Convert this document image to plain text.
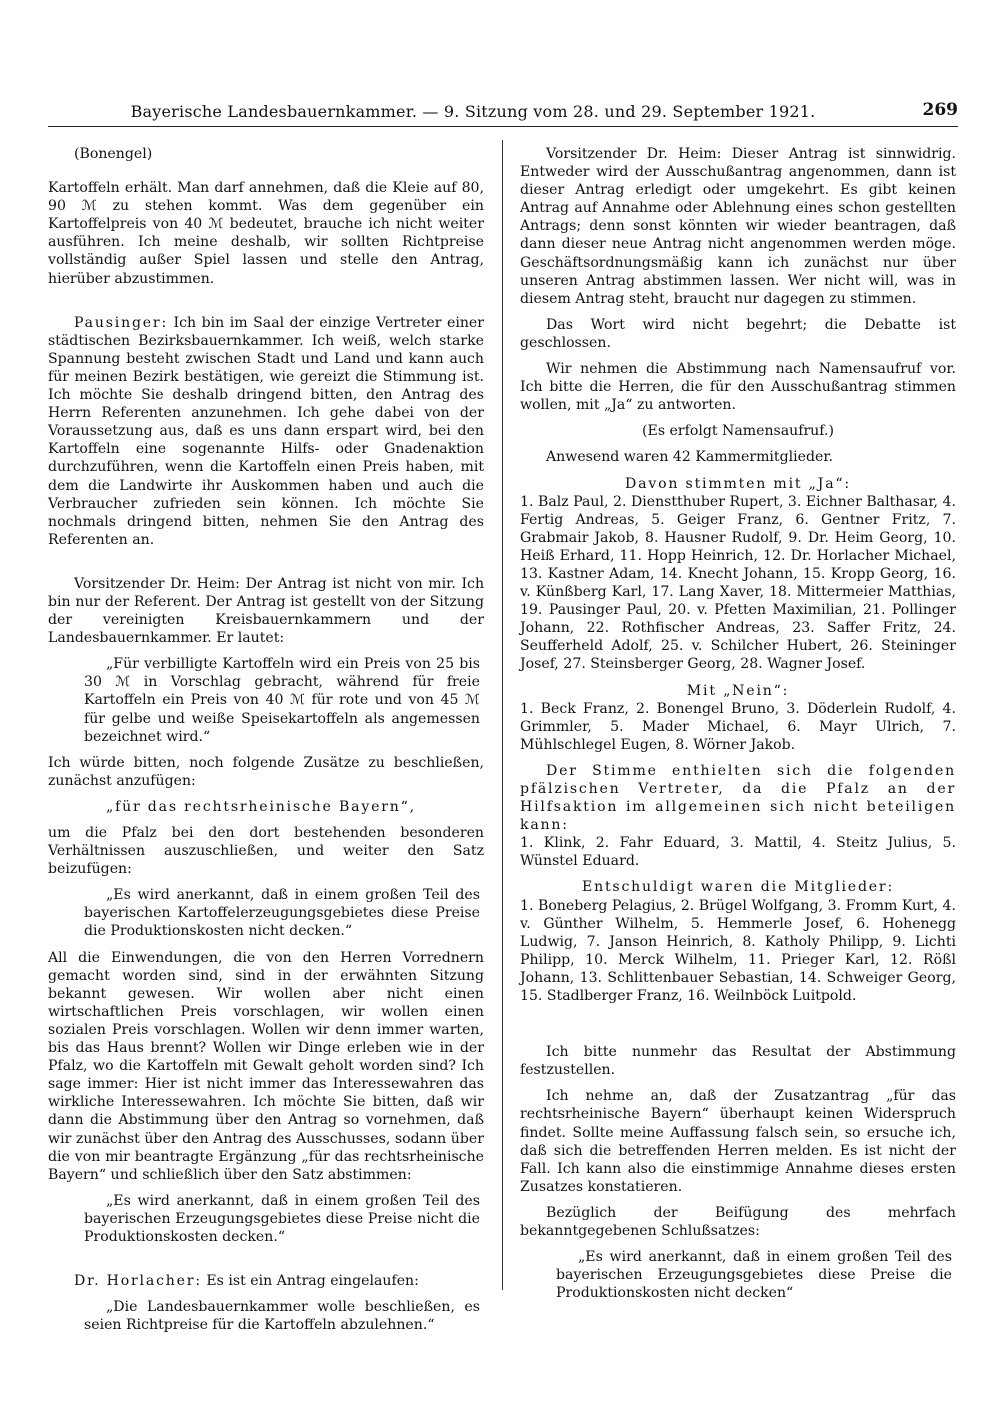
Bayerische Landesbauernkammer. — 9. Sitzung vom 28. und 29. September 1921.	269

(Bonengel)

Kartoffeln erhält. Man darf annehmen, daß die Kleie auf 80, 90 ℳ zu stehen kommt. Was dem gegenüber ein Kartoffelpreis von 40 ℳ bedeutet, brauche ich nicht weiter ausführen. Ich meine deshalb, wir sollten Richtpreise vollständig außer Spiel lassen und stelle den Antrag, hierüber abzustimmen.

Pausinger: Ich bin im Saal der einzige Vertreter einer städtischen Bezirksbauernkammer. Ich weiß, welch starke Spannung besteht zwischen Stadt und Land und kann auch für meinen Bezirk bestätigen, wie gereizt die Stimmung ist. Ich möchte Sie deshalb dringend bitten, den Antrag des Herrn Referenten anzunehmen. Ich gehe dabei von der Voraussetzung aus, daß es uns dann erspart wird, bei den Kartoffeln eine sogenannte Hilfs- oder Gnadenaktion durchzuführen, wenn die Kartoffeln einen Preis haben, mit dem die Landwirte ihr Auskommen haben und auch die Verbraucher zufrieden sein können. Ich möchte Sie nochmals dringend bitten, nehmen Sie den Antrag des Referenten an.

Vorsitzender Dr. Heim: Der Antrag ist nicht von mir. Ich bin nur der Referent. Der Antrag ist gestellt von der Sitzung der vereinigten Kreisbauernkammern und der Landesbauernkammer. Er lautet:

„Für verbilligte Kartoffeln wird ein Preis von 25 bis 30 ℳ in Vorschlag gebracht, während für freie Kartoffeln ein Preis von 40 ℳ für rote und von 45 ℳ für gelbe und weiße Speisekartoffeln als angemessen bezeichnet wird.“

Ich würde bitten, noch folgende Zusätze zu beschließen, zunächst anzufügen:

„für das rechtsrheinische Bayern“,

um die Pfalz bei den dort bestehenden besonderen Verhältnissen auszuschließen, und weiter den Satz beizufügen:

„Es wird anerkannt, daß in einem großen Teil des bayerischen Kartoffelerzeugungsgebietes diese Preise die Produktionskosten nicht decken.“

All die Einwendungen, die von den Herren Vorrednern gemacht worden sind, sind in der erwähnten Sitzung bekannt gewesen. Wir wollen aber nicht einen wirtschaftlichen Preis vorschlagen, wir wollen einen sozialen Preis vorschlagen. Wollen wir denn immer warten, bis das Haus brennt? Wollen wir Dinge erleben wie in der Pfalz, wo die Kartoffeln mit Gewalt geholt worden sind? Ich sage immer: Hier ist nicht immer das Interessewahren das wirkliche Interessewahren. Ich möchte Sie bitten, daß wir dann die Abstimmung über den Antrag so vornehmen, daß wir zunächst über den Antrag des Ausschusses, sodann über die von mir beantragte Ergänzung „für das rechtsrheinische Bayern“ und schließlich über den Satz abstimmen:

„Es wird anerkannt, daß in einem großen Teil des bayerischen Erzeugungsgebietes diese Preise nicht die Produktionskosten decken.“

Dr. Horlacher: Es ist ein Antrag eingelaufen:

„Die Landesbauernkammer wolle beschließen, es seien Richtpreise für die Kartoffeln abzulehnen.“

Vorsitzender Dr. Heim: Dieser Antrag ist sinnwidrig. Entweder wird der Ausschußantrag angenommen, dann ist dieser Antrag erledigt oder umgekehrt. Es gibt keinen Antrag auf Annahme oder Ablehnung eines schon gestellten Antrags; denn sonst könnten wir wieder beantragen, daß dann dieser neue Antrag nicht angenommen werden möge. Geschäftsordnungsmäßig kann ich zunächst nur über unseren Antrag abstimmen lassen. Wer nicht will, was in diesem Antrag steht, braucht nur dagegen zu stimmen.

Das Wort wird nicht begehrt; die Debatte ist geschlossen.

Wir nehmen die Abstimmung nach Namensaufruf vor. Ich bitte die Herren, die für den Ausschußantrag stimmen wollen, mit „Ja“ zu antworten.

(Es erfolgt Namensaufruf.)

Anwesend waren 42 Kammermitglieder.

Davon stimmten mit „Ja“:

1. Balz Paul, 2. Dienstthuber Rupert, 3. Eichner Balthasar, 4. Fertig Andreas, 5. Geiger Franz, 6. Gentner Fritz, 7. Grabmair Jakob, 8. Hausner Rudolf, 9. Dr. Heim Georg, 10. Heiß Erhard, 11. Hopp Heinrich, 12. Dr. Horlacher Michael, 13. Kastner Adam, 14. Knecht Johann, 15. Kropp Georg, 16. v. Künßberg Karl, 17. Lang Xaver, 18. Mittermeier Matthias, 19. Pausinger Paul, 20. v. Pfetten Maximilian, 21. Pollinger Johann, 22. Rothfischer Andreas, 23. Saffer Fritz, 24. Seufferheld Adolf, 25. v. Schilcher Hubert, 26. Steininger Josef, 27. Steinsberger Georg, 28. Wagner Josef.

Mit „Nein“:

1. Beck Franz, 2. Bonengel Bruno, 3. Döderlein Rudolf, 4. Grimmler, 5. Mader Michael, 6. Mayr Ulrich, 7. Mühlschlegel Eugen, 8. Wörner Jakob.

Der Stimme enthielten sich die folgenden pfälzischen Vertreter, da die Pfalz an der Hilfsaktion im allgemeinen sich nicht beteiligen kann:

1. Klink, 2. Fahr Eduard, 3. Mattil, 4. Steitz Julius, 5. Wünstel Eduard.

Entschuldigt waren die Mitglieder:

1. Boneberg Pelagius, 2. Brügel Wolfgang, 3. Fromm Kurt, 4. v. Günther Wilhelm, 5. Hemmerle Josef, 6. Hohenegg Ludwig, 7. Janson Heinrich, 8. Katholy Philipp, 9. Lichti Philipp, 10. Merck Wilhelm, 11. Prieger Karl, 12. Rößl Johann, 13. Schlittenbauer Sebastian, 14. Schweiger Georg, 15. Stadlberger Franz, 16. Weilnböck Luitpold.

Ich bitte nunmehr das Resultat der Abstimmung festzustellen.

Ich nehme an, daß der Zusatzantrag „für das rechtsrheinische Bayern“ überhaupt keinen Widerspruch findet. Sollte meine Auffassung falsch sein, so ersuche ich, daß sich die betreffenden Herren melden. Es ist nicht der Fall. Ich kann also die einstimmige Annahme dieses ersten Zusatzes konstatieren.

Bezüglich der Beifügung des mehrfach bekanntgegebenen Schlußsatzes:

„Es wird anerkannt, daß in einem großen Teil des bayerischen Erzeugungsgebietes diese Preise die Produktionskosten nicht decken“
